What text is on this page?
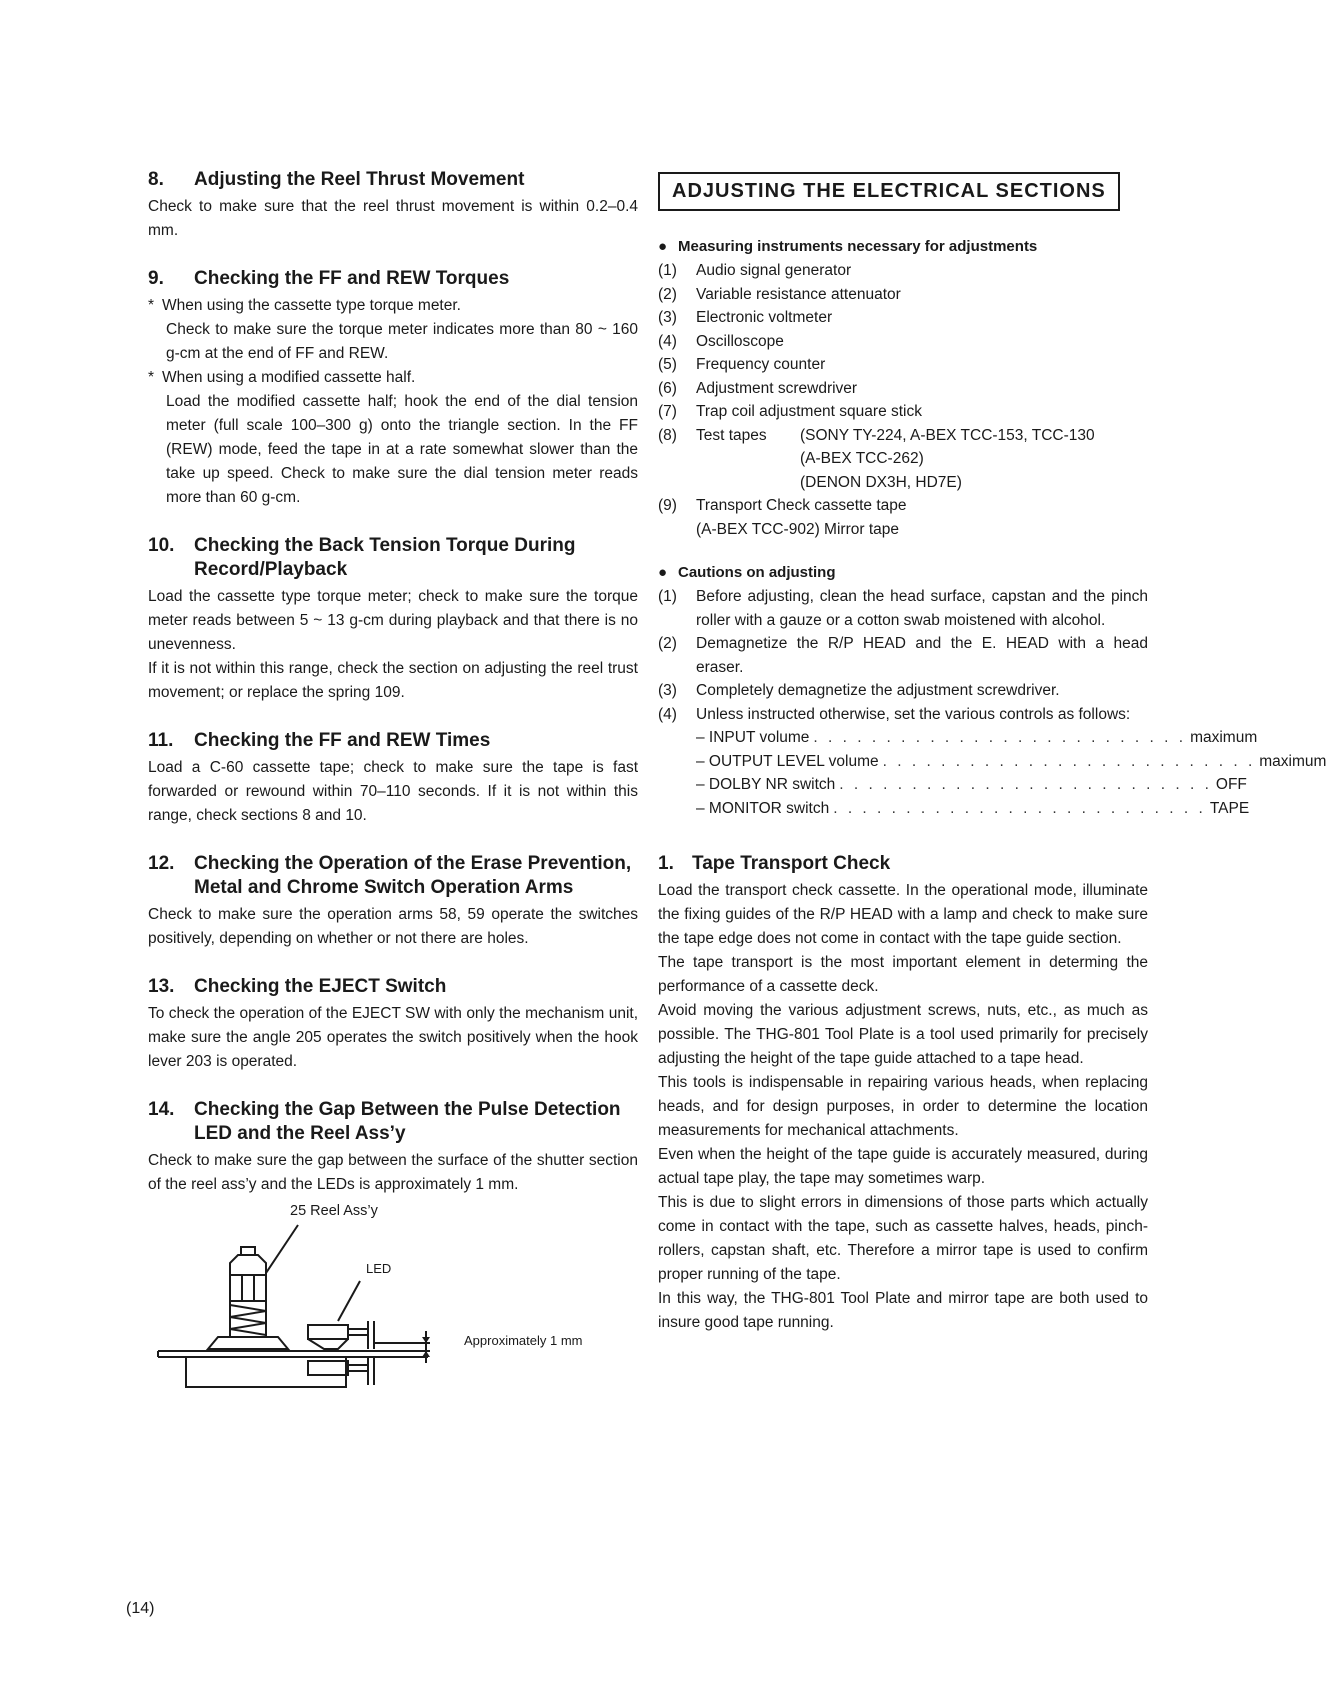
8.	Adjusting the Reel Thrust Movement

Check to make sure that the reel thrust movement is within 0.2–0.4 mm.

9.	Checking the FF and REW Torques
* When using the cassette type torque meter.

Check to make sure the torque meter indicates more than 80 ~ 160 g-cm at the end of FF and REW.

* When using a modified cassette half.

Load the modified cassette half; hook the end of the dial tension meter (full scale 100–300 g) onto the triangle section. In the FF (REW) mode, feed the tape in at a rate somewhat slower than the take up speed. Check to make sure the dial tension meter reads more than 60 g-cm.

10.	Checking the Back Tension Torque During Record/Playback

Load the cassette type torque meter; check to make sure the torque meter reads between 5 ~ 13 g-cm during playback and that there is no unevenness.

If it is not within this range, check the section on adjusting the reel trust movement; or replace the spring 109.

11.	Checking the FF and REW Times

Load a C-60 cassette tape; check to make sure the tape is fast forwarded or rewound within 70–110 seconds. If it is not within this range, check sections 8 and 10.

12.	Checking the Operation of the Erase Prevention, Metal and Chrome Switch Operation Arms

Check to make sure the operation arms 58, 59 operate the switches positively, depending on whether or not there are holes.

13.	Checking the EJECT Switch

To check the operation of the EJECT SW with only the mechanism unit, make sure the angle 205 operates the switch positively when the hook lever 203 is operated.

14.	Checking the Gap Between the Pulse Detection LED and the Reel Ass’y

Check to make sure the gap between the surface of the shutter section of the reel ass’y and the LEDs is approximately 1 mm.

25 Reel Ass’y
LED
Approximately 1 mm
ADJUSTING THE ELECTRICAL SECTIONS
● Measuring instruments necessary for adjustments
(1)	Audio signal generator
(2)	Variable resistance attenuator
(3)	Electronic voltmeter
(4)	Oscilloscope
(5)	Frequency counter
(6)	Adjustment screwdriver
(7)	Trap coil adjustment square stick
(8)	Test tapes	(SONY TY-224, A-BEX TCC-153, TCC-130
(A-BEX TCC-262)
(DENON DX3H, HD7E)
(9)	Transport Check cassette tape
(A-BEX TCC-902) Mirror tape
● Cautions on adjusting
(1)	Before adjusting, clean the head surface, capstan and the pinch roller with a gauze or a cotton swab moistened with alcohol.
(2)	Demagnetize the R/P HEAD and the E. HEAD with a head eraser.
(3)	Completely demagnetize the adjustment screwdriver.
(4)	Unless instructed otherwise, set the various controls as follows:
– INPUT volume . . . . . . . . . . . . . . . . . . . . . . . . . . maximum
– OUTPUT LEVEL volume . . . . . . . . . . . . . . . . . . . . . . . . . . maximum
– DOLBY NR switch . . . . . . . . . . . . . . . . . . . . . . . . . . OFF
– MONITOR switch . . . . . . . . . . . . . . . . . . . . . . . . . . TAPE
1. Tape Transport Check

Load the transport check cassette. In the operational mode, illuminate the fixing guides of the R/P HEAD with a lamp and check to make sure the tape edge does not come in contact with the tape guide section.

The tape transport is the most important element in determing the performance of a cassette deck.

Avoid moving the various adjustment screws, nuts, etc., as much as possible. The THG-801 Tool Plate is a tool used primarily for precisely adjusting the height of the tape guide attached to a tape head.

This tools is indispensable in repairing various heads, when replacing heads, and for design purposes, in order to determine the location measurements for mechanical attachments.

Even when the height of the tape guide is accurately measured, during actual tape play, the tape may sometimes warp.

This is due to slight errors in dimensions of those parts which actually come in contact with the tape, such as cassette halves, heads, pinch-rollers, capstan shaft, etc. Therefore a mirror tape is used to confirm proper running of the tape.

In this way, the THG-801 Tool Plate and mirror tape are both used to insure good tape running.

(14)
